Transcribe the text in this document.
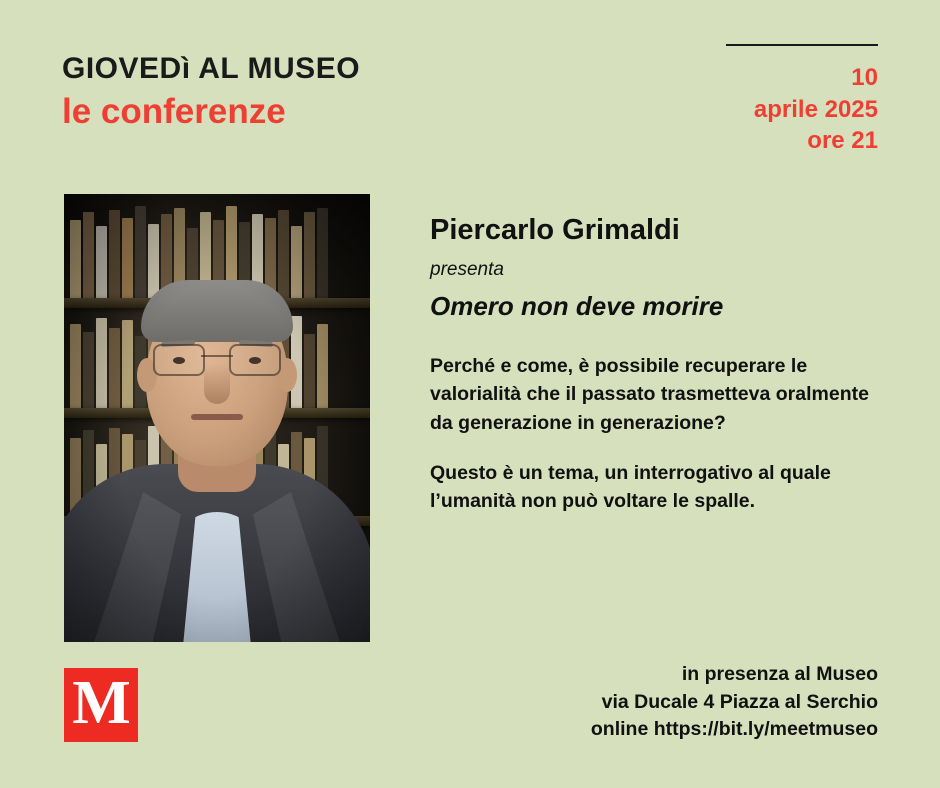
GIOVEDì AL MUSEO
le conferenze
10
aprile 2025
ore 21
Piercarlo Grimaldi
presenta
Omero non deve morire

Perché e come, è possibile recuperare le valorialità che il passato trasmetteva oralmente da generazione in generazione?

Questo è un tema, un interrogativo al quale l’umanità non può voltare le spalle.

M	in presenza al Museo
via Ducale 4 Piazza al Serchio
online https://bit.ly/meetmuseo
